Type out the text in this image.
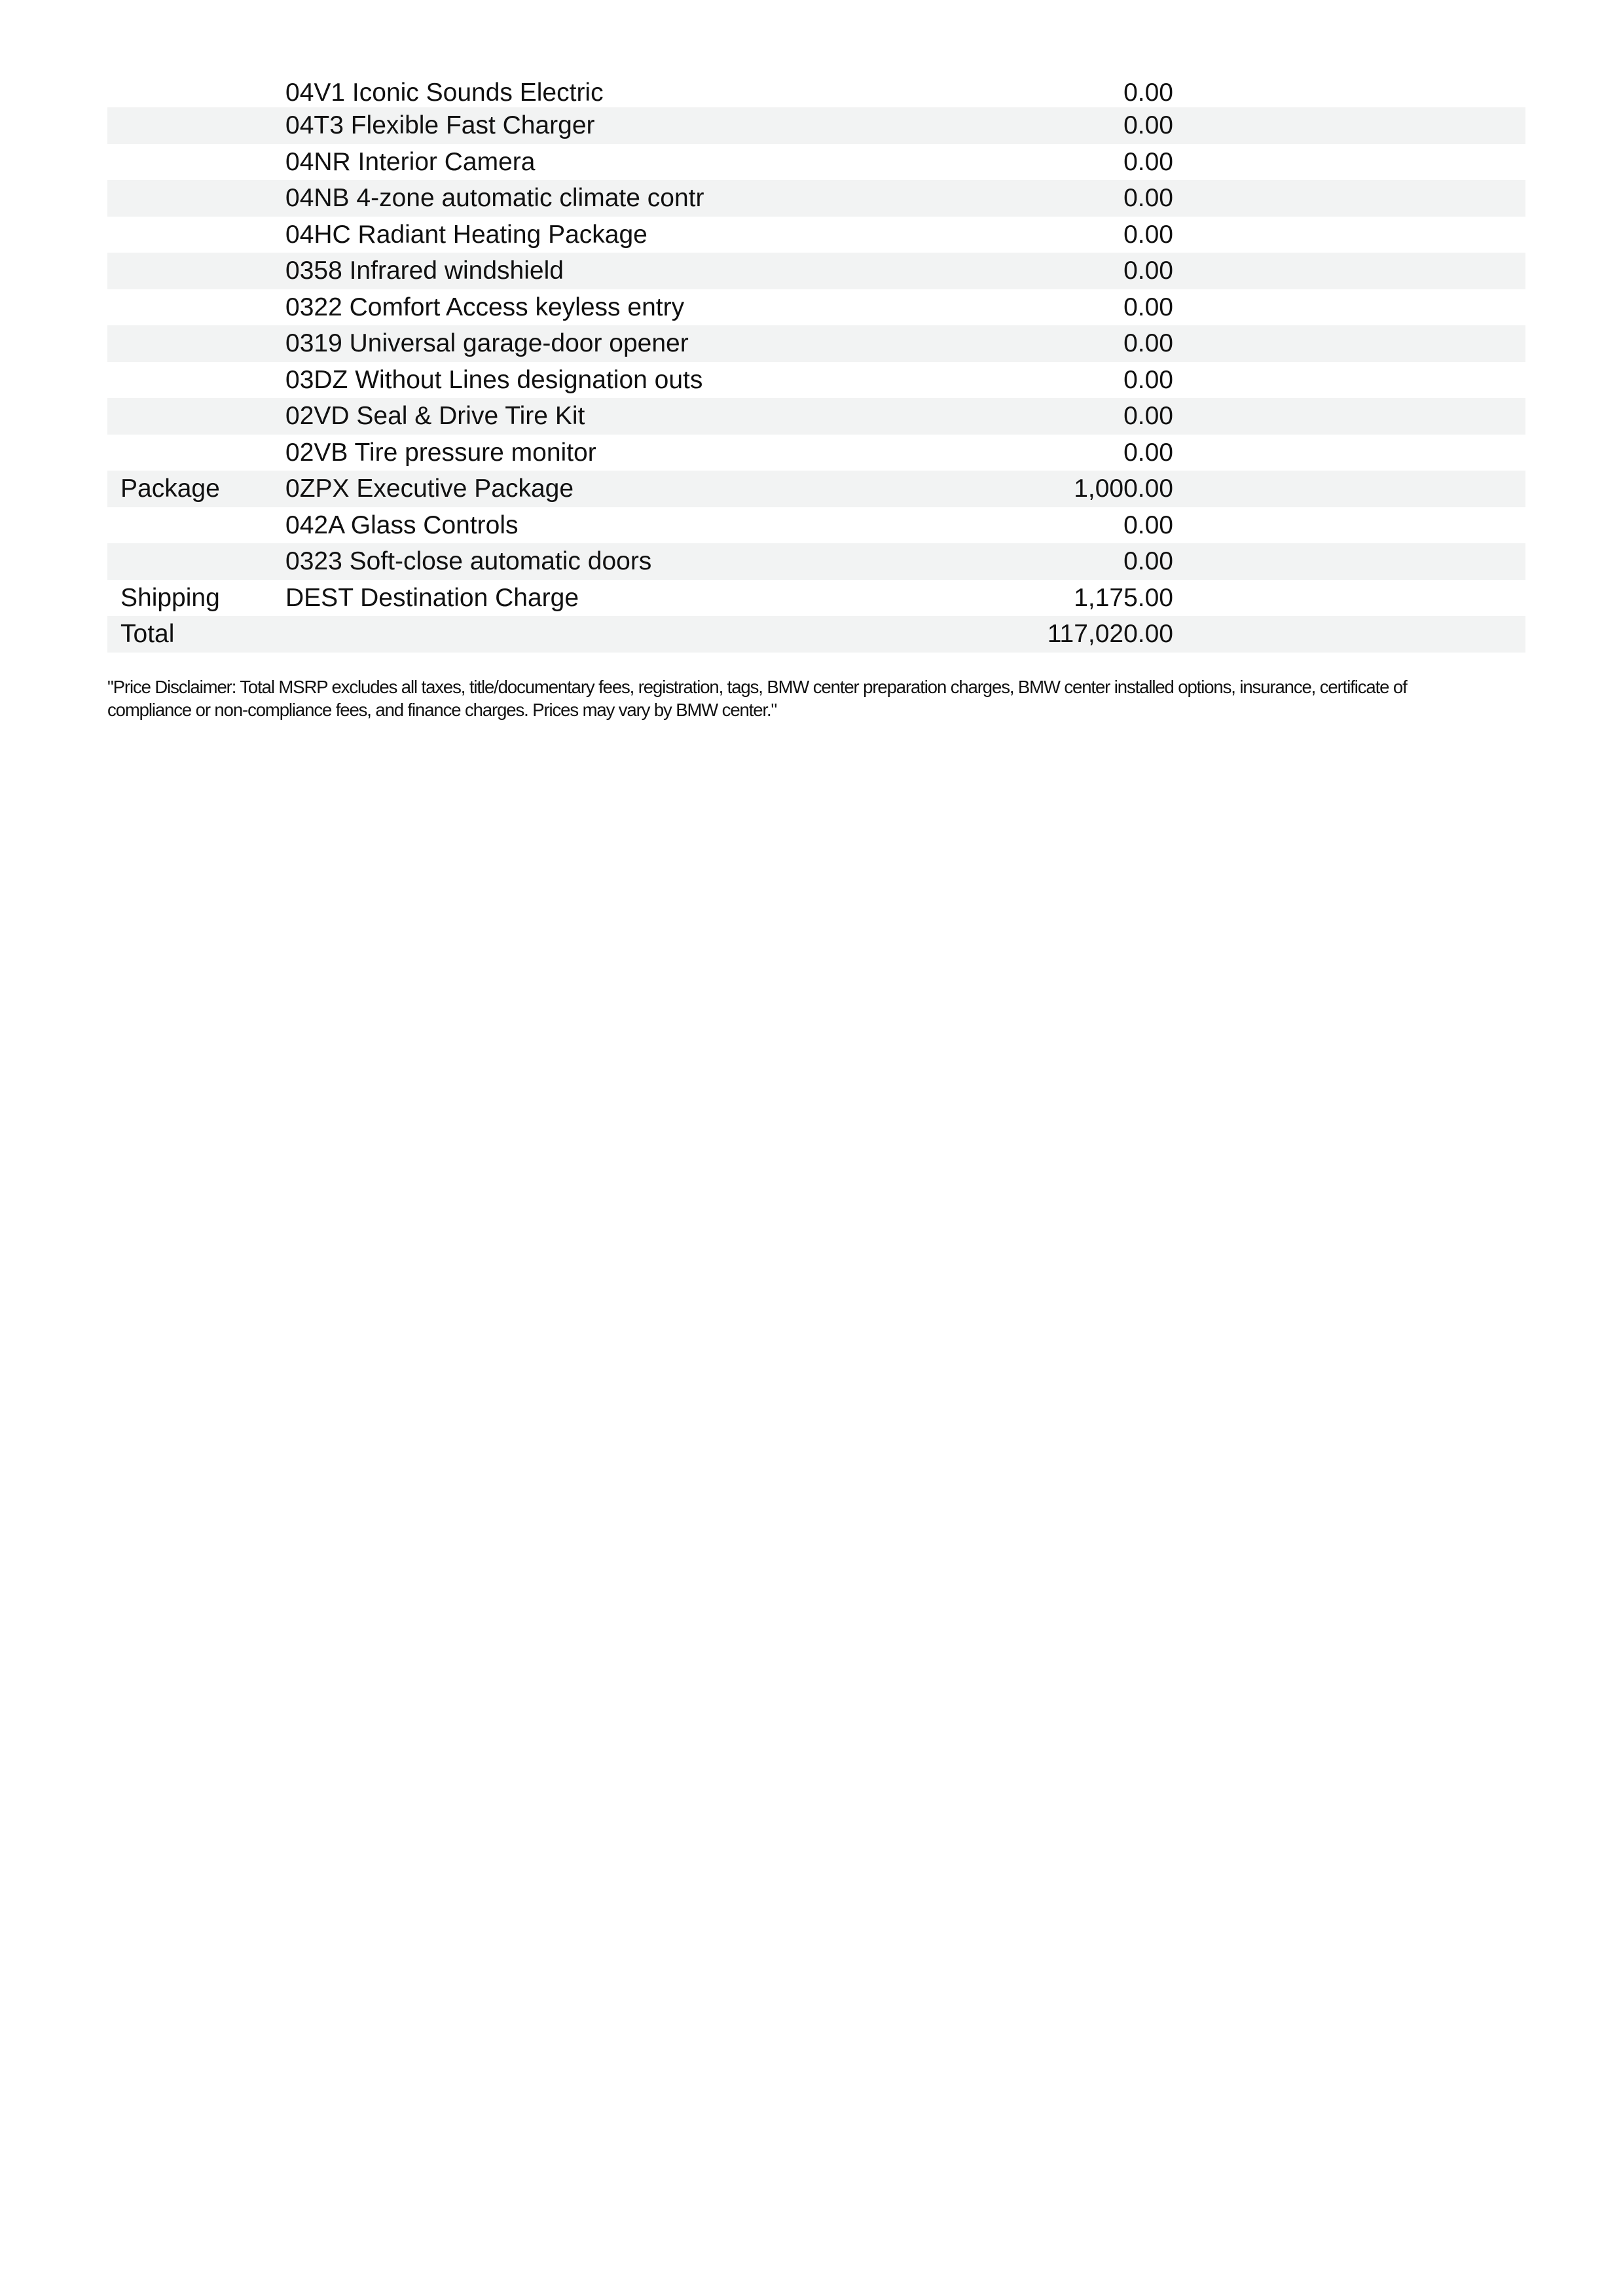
04V1 Iconic Sounds Electric	0.00
04T3 Flexible Fast Charger	0.00
04NR Interior Camera	0.00
04NB 4-zone automatic climate contr	0.00
04HC Radiant Heating Package	0.00
0358 Infrared windshield	0.00
0322 Comfort Access keyless entry	0.00
0319 Universal garage-door opener	0.00
03DZ Without Lines designation outs	0.00
02VD Seal & Drive Tire Kit	0.00
02VB Tire pressure monitor	0.00
Package	0ZPX Executive Package	1,000.00
042A Glass Controls	0.00
0323 Soft-close automatic doors	0.00
Shipping	DEST Destination Charge	1,175.00
Total	117,020.00
"Price Disclaimer: Total MSRP excludes all taxes, title/documentary fees, registration, tags, BMW center preparation charges, BMW center installed options, insurance, certificate of
compliance or non-compliance fees, and finance charges. Prices may vary by BMW center."
